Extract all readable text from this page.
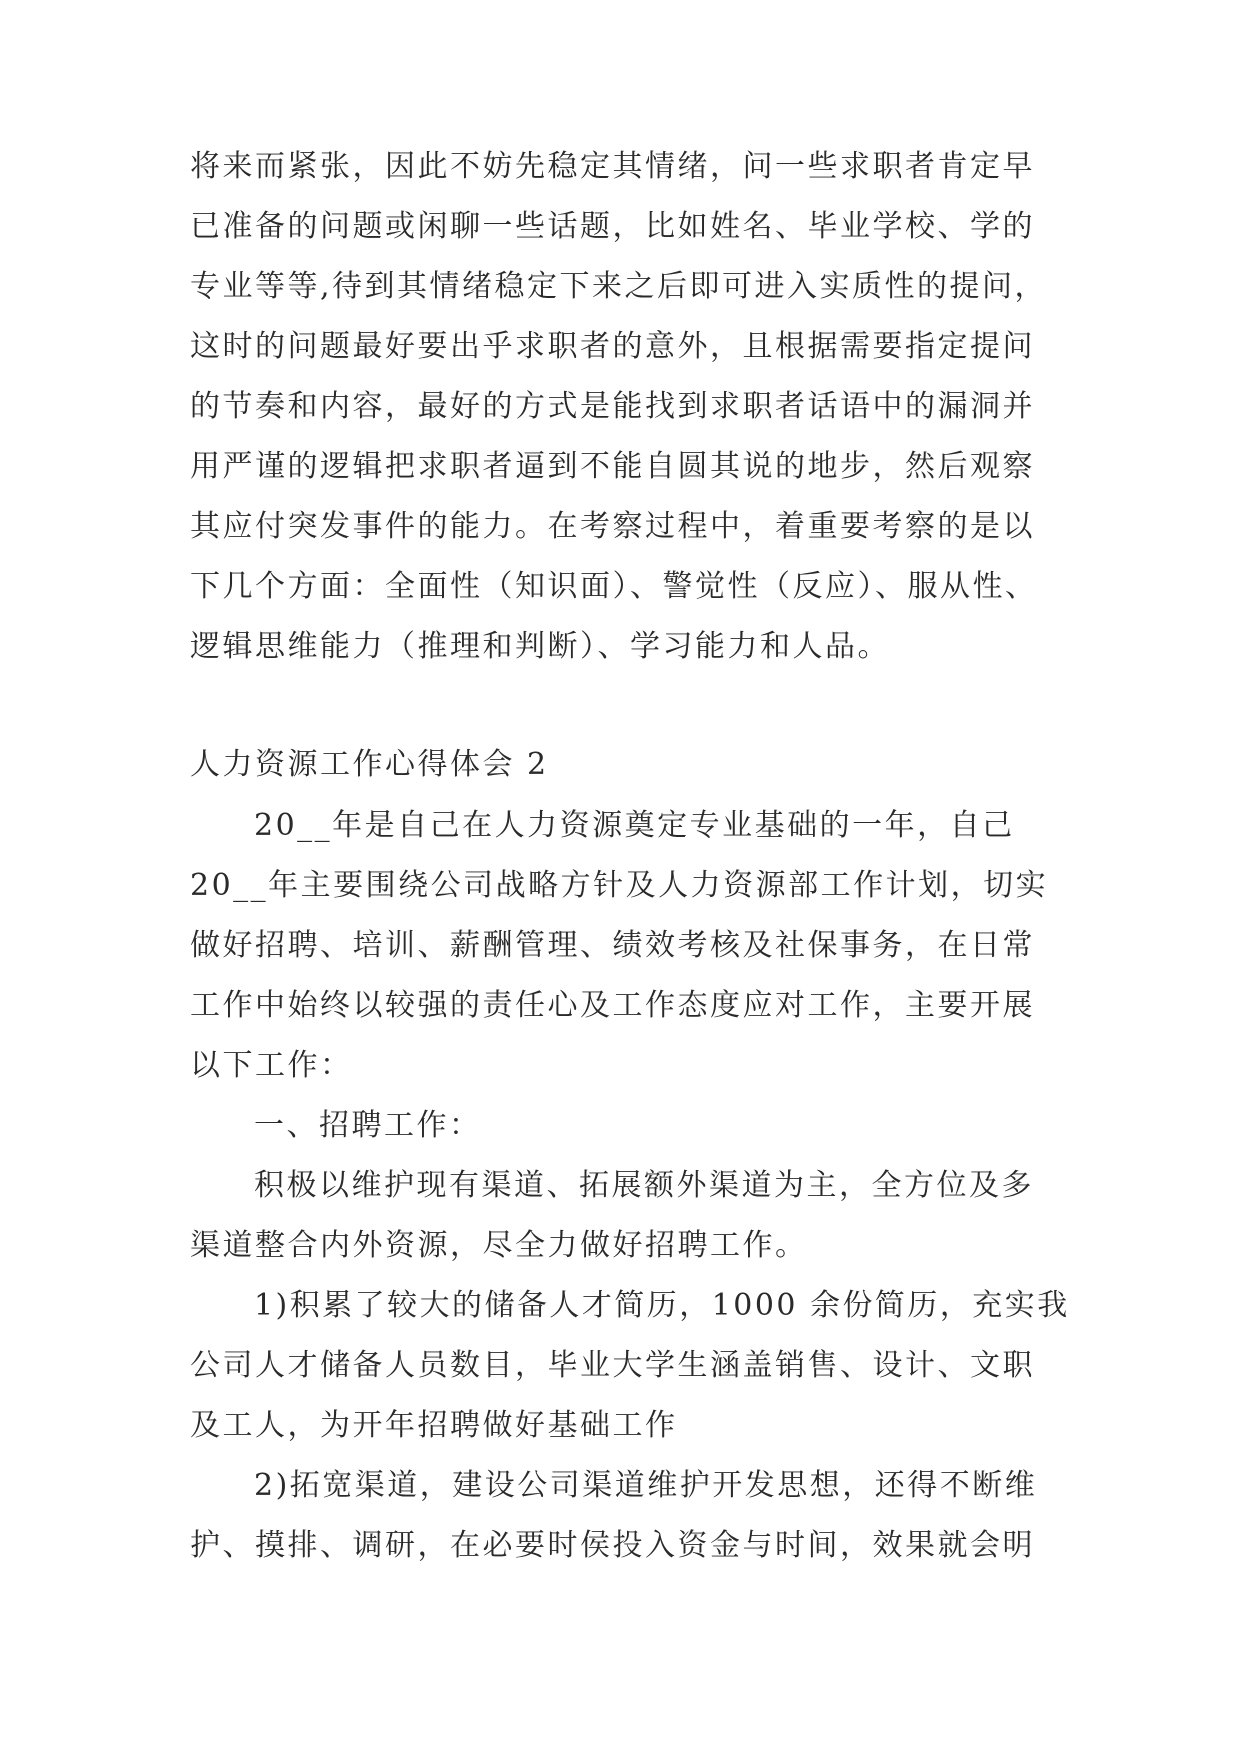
将来而紧张，因此不妨先稳定其情绪，问一些求职者肯定早
已准备的问题或闲聊一些话题，比如姓名、毕业学校、学的
专业等等,待到其情绪稳定下来之后即可进入实质性的提问，
这时的问题最好要出乎求职者的意外，且根据需要指定提问
的节奏和内容，最好的方式是能找到求职者话语中的漏洞并
用严谨的逻辑把求职者逼到不能自圆其说的地步，然后观察
其应付突发事件的能力。在考察过程中，着重要考察的是以
下几个方面：全面性（知识面）、警觉性（反应）、服从性、
逻辑思维能力（推理和判断）、学习能力和人品。
人力资源工作心得体会 2
20__年是自己在人力资源奠定专业基础的一年，自己
20__年主要围绕公司战略方针及人力资源部工作计划，切实
做好招聘、培训、薪酬管理、绩效考核及社保事务，在日常
工作中始终以较强的责任心及工作态度应对工作，主要开展
以下工作：
一、招聘工作：
积极以维护现有渠道、拓展额外渠道为主，全方位及多
渠道整合内外资源，尽全力做好招聘工作。
1)积累了较大的储备人才简历，1000 余份简历，充实我
公司人才储备人员数目，毕业大学生涵盖销售、设计、文职
及工人，为开年招聘做好基础工作
2)拓宽渠道，建设公司渠道维护开发思想，还得不断维
护、摸排、调研，在必要时侯投入资金与时间，效果就会明
